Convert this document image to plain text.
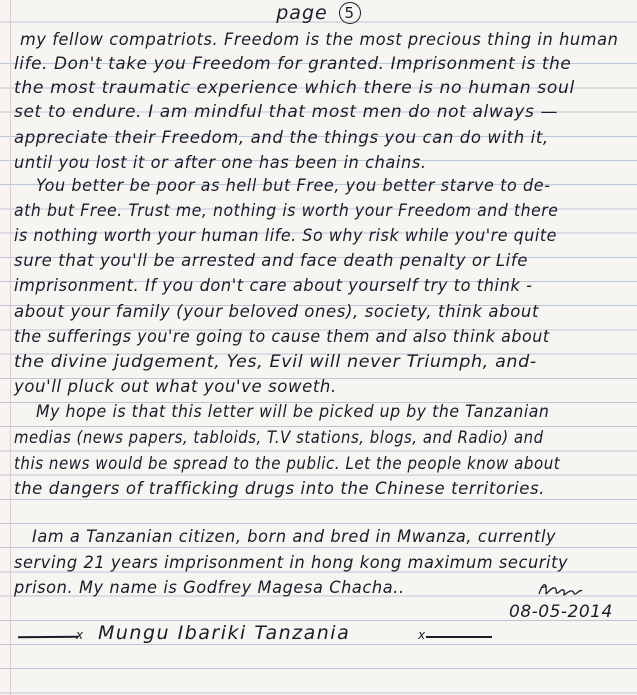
page 5
my fellow compatriots. Freedom is the most precious thing in human
life. Don't take you Freedom for granted. Imprisonment is the
the most traumatic experience which there is no human soul
set to endure. I am mindful that most men do not always —
appreciate their Freedom, and the things you can do with it,
until you lost it or after one has been in chains.
You better be poor as hell but Free, you better starve to de-
ath but Free. Trust me, nothing is worth your Freedom and there
is nothing worth your human life. So why risk while you're quite
sure that you'll be arrested and face death penalty or Life
imprisonment. If you don't care about yourself try to think -
about your family (your beloved ones), society, think about
the sufferings you're going to cause them and also think about
the divine judgement, Yes, Evil will never Triumph, and-
you'll pluck out what you've soweth.
My hope is that this letter will be picked up by the Tanzanian
medias (news papers, tabloids, T.V stations, blogs, and Radio) and
this news would be spread to the public. Let the people know about
the dangers of trafficking drugs into the Chinese territories.
Iam a Tanzanian citizen, born and bred in Mwanza, currently
serving 21 years imprisonment in hong kong maximum security
prison. My name is Godfrey Magesa Chacha..
08-05-2014
x Mungu Ibariki Tanzania	x
